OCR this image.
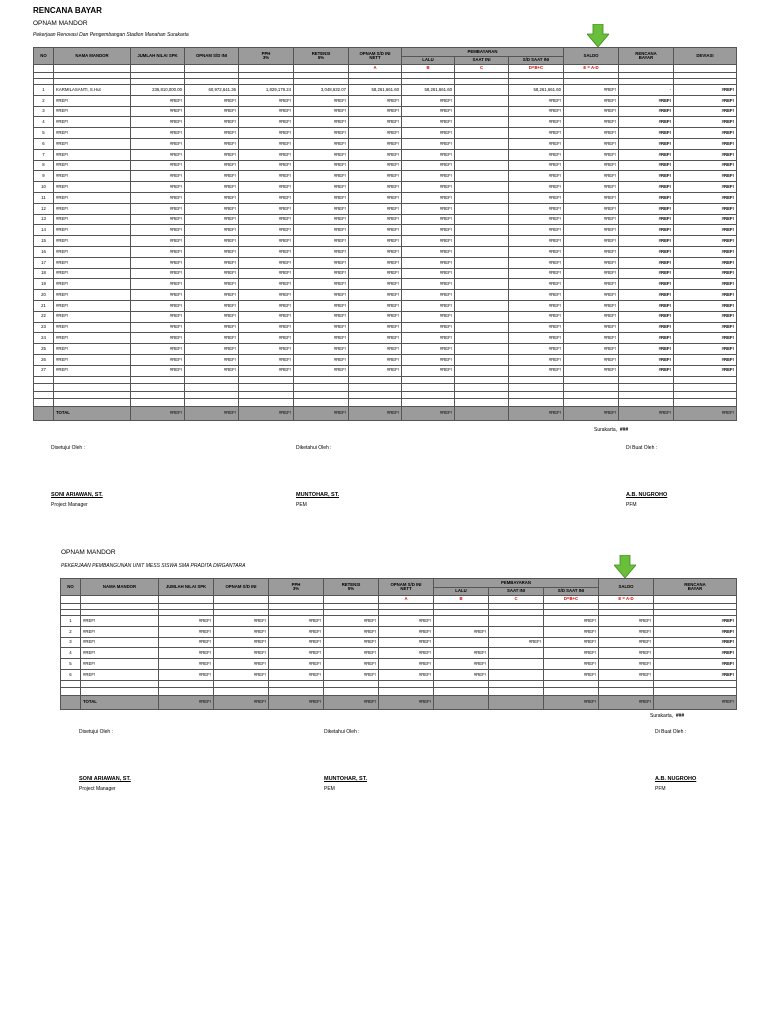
RENCANA BAYAR
OPNAM MANDOR
Pekerjaan Renovasi Dan Pengembangan Stadion Manahan Surakarta
NO	NAMA MANDOR	JUMLAH NILAI SPK	OPNAM S/D INI	PPH
3%	RETENSI
5%	OPNAM S/D INI
NETT	PEMBAYARAN			SALDO	RENCANA
BAYAR	DEVIASI
							LALU	SAAT INI	S/D SAAT INI			
						A	B	C	D=B+C	E = A-D		

1	KARMILASANTI, S.Hut	236,810,000.00	60,972,641.36	1,829,179.24	3,048,632.07	58,261,661.60	58,261,661.60		58,261,661.60	#REF!	-	#REF!
2	#REF!	#REF!	#REF!	#REF!	#REF!	#REF!	#REF!		#REF!	#REF!	#REF!	#REF!
3	#REF!	#REF!	#REF!	#REF!	#REF!	#REF!	#REF!		#REF!	#REF!	#REF!	#REF!
4	#REF!	#REF!	#REF!	#REF!	#REF!	#REF!	#REF!		#REF!	#REF!	#REF!	#REF!
5	#REF!	#REF!	#REF!	#REF!	#REF!	#REF!	#REF!		#REF!	#REF!	#REF!	#REF!
6	#REF!	#REF!	#REF!	#REF!	#REF!	#REF!	#REF!		#REF!	#REF!	#REF!	#REF!
7	#REF!	#REF!	#REF!	#REF!	#REF!	#REF!	#REF!		#REF!	#REF!	#REF!	#REF!
8	#REF!	#REF!	#REF!	#REF!	#REF!	#REF!	#REF!		#REF!	#REF!	#REF!	#REF!
9	#REF!	#REF!	#REF!	#REF!	#REF!	#REF!	#REF!		#REF!	#REF!	#REF!	#REF!
10	#REF!	#REF!	#REF!	#REF!	#REF!	#REF!	#REF!		#REF!	#REF!	#REF!	#REF!
11	#REF!	#REF!	#REF!	#REF!	#REF!	#REF!	#REF!		#REF!	#REF!	#REF!	#REF!
12	#REF!	#REF!	#REF!	#REF!	#REF!	#REF!	#REF!		#REF!	#REF!	#REF!	#REF!
13	#REF!	#REF!	#REF!	#REF!	#REF!	#REF!	#REF!		#REF!	#REF!	#REF!	#REF!
14	#REF!	#REF!	#REF!	#REF!	#REF!	#REF!	#REF!		#REF!	#REF!	#REF!	#REF!
15	#REF!	#REF!	#REF!	#REF!	#REF!	#REF!	#REF!		#REF!	#REF!	#REF!	#REF!
16	#REF!	#REF!	#REF!	#REF!	#REF!	#REF!	#REF!		#REF!	#REF!	#REF!	#REF!
17	#REF!	#REF!	#REF!	#REF!	#REF!	#REF!	#REF!		#REF!	#REF!	#REF!	#REF!
18	#REF!	#REF!	#REF!	#REF!	#REF!	#REF!	#REF!		#REF!	#REF!	#REF!	#REF!
19	#REF!	#REF!	#REF!	#REF!	#REF!	#REF!	#REF!		#REF!	#REF!	#REF!	#REF!
20	#REF!	#REF!	#REF!	#REF!	#REF!	#REF!	#REF!		#REF!	#REF!	#REF!	#REF!
21	#REF!	#REF!	#REF!	#REF!	#REF!	#REF!	#REF!		#REF!	#REF!	#REF!	#REF!
22	#REF!	#REF!	#REF!	#REF!	#REF!	#REF!	#REF!		#REF!	#REF!	#REF!	#REF!
23	#REF!	#REF!	#REF!	#REF!	#REF!	#REF!	#REF!		#REF!	#REF!	#REF!	#REF!
24	#REF!	#REF!	#REF!	#REF!	#REF!	#REF!	#REF!		#REF!	#REF!	#REF!	#REF!
25	#REF!	#REF!	#REF!	#REF!	#REF!	#REF!	#REF!		#REF!	#REF!	#REF!	#REF!
26	#REF!	#REF!	#REF!	#REF!	#REF!	#REF!	#REF!		#REF!	#REF!	#REF!	#REF!
27	#REF!	#REF!	#REF!	#REF!	#REF!	#REF!	#REF!		#REF!	#REF!	#REF!	#REF!

	TOTAL	#REF!	#REF!	#REF!	#REF!	#REF!	#REF!		#REF!	#REF!	#REF!	#REF!
Surakarta, ###
Disetujui Oleh :	Diketahui Oleh :	Di Buat Oleh :
SONI ARIAWAN, ST.
Project Manager
MUNTOHAR, ST.
PEM
A.B. NUGROHO
PFM
OPNAM MANDOR
PEKERJAAN PEMBANGUNAN UNIT MESS SISWA SMA PRADITA DIRGANTARA
NO	NAMA MANDOR	JUMLAH NILAI SPK	OPNAM S/D INI	PPH
3%	RETENSI
5%	OPNAM S/D INI
NETT	PEMBAYARAN			SALDO	RENCANA
BAYAR
							LALU	SAAT INI	S/D SAAT INI		
						A	B	C	D=B+C	E = A-D	

1	#REF!	#REF!	#REF!	#REF!	#REF!	#REF!			#REF!	#REF!	#REF!
2	#REF!	#REF!	#REF!	#REF!	#REF!	#REF!	#REF!		#REF!	#REF!	#REF!
3	#REF!	#REF!	#REF!	#REF!	#REF!	#REF!		#REF!	#REF!	#REF!	#REF!
4	#REF!	#REF!	#REF!	#REF!	#REF!	#REF!	#REF!		#REF!	#REF!	#REF!
5	#REF!	#REF!	#REF!	#REF!	#REF!	#REF!	#REF!		#REF!	#REF!	#REF!
6	#REF!	#REF!	#REF!	#REF!	#REF!	#REF!	#REF!		#REF!	#REF!	#REF!

	TOTAL	#REF!	#REF!	#REF!	#REF!	#REF!			#REF!	#REF!	#REF!
Surakarta, ###
Disetujui Oleh :	Diketahui Oleh :	Di Buat Oleh :
SONI ARIAWAN, ST.
Project Manager
MUNTOHAR, ST.
PEM
A.B. NUGROHO
PFM
